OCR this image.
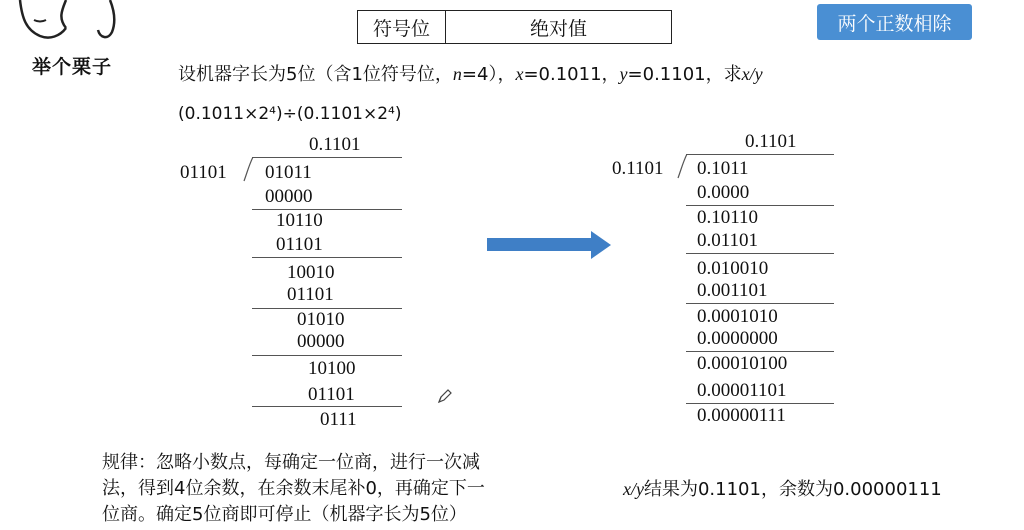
举个栗子
符号位	绝对值	两个正数相除
设机器字长为5位（含1位符号位，n=4），x=0.1011，y=0.1101，求x/y
(0.1011×2⁴)÷(0.1101×2⁴)
0.1101
01101 01011
00000
10110
01101
10010
01101
01010
00000
10100
01101
0111
0.1101
0.1101 0.1011
0.0000
0.10110
0.01101
0.010010
0.001101
0.0001010
0.0000000
0.00010100
0.00001101
0.00000111
规律：忽略小数点，每确定一位商，进行一次减
法，得到4位余数，在余数末尾补0，再确定下一
位商。确定5位商即可停止（机器字长为5位）
x/y结果为0.1101，余数为0.00000111
